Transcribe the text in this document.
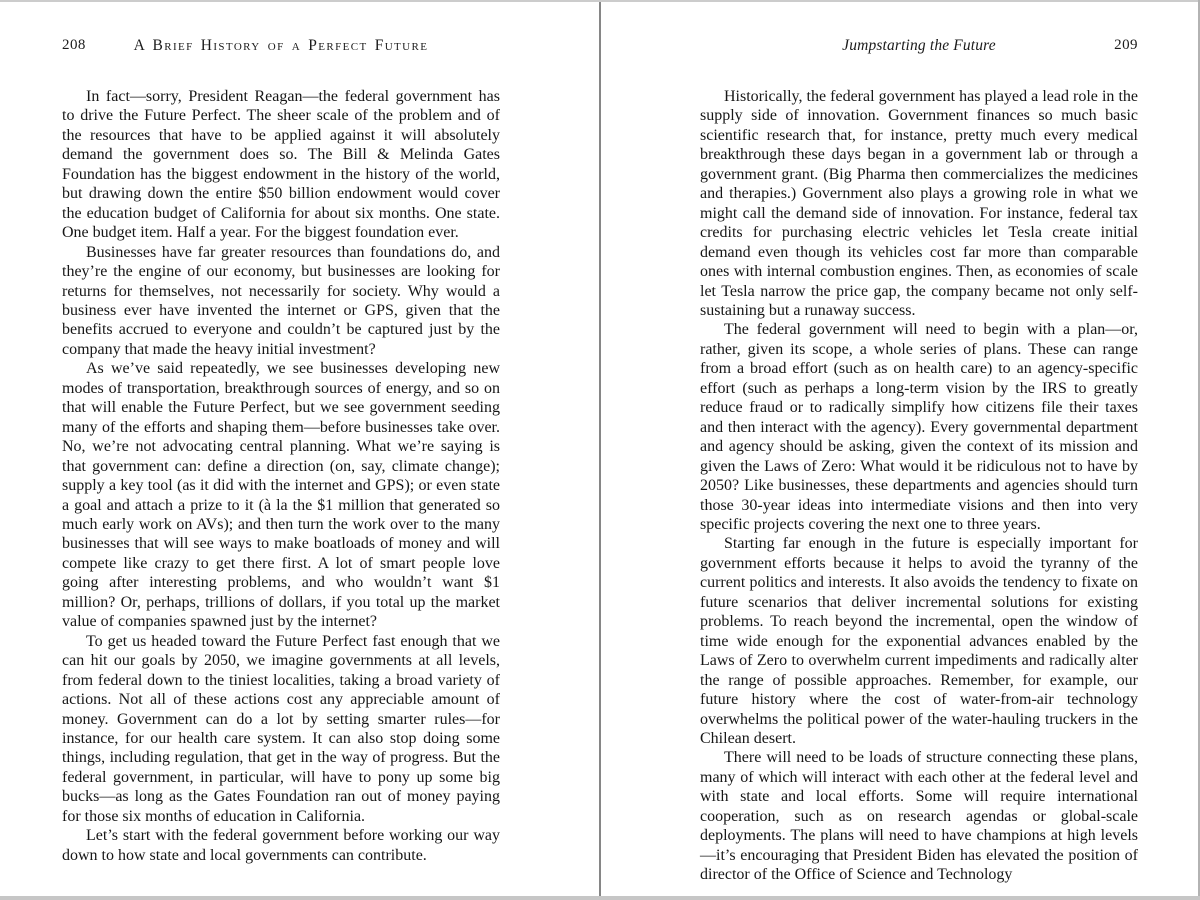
208	A Brief History of a Perfect Future

In fact—sorry, President Reagan—the federal government has to drive the Future Perfect. The sheer scale of the problem and of the resources that have to be applied against it will absolutely demand the government does so. The Bill & Melinda Gates Foundation has the biggest endowment in the history of the world, but drawing down the entire $50 billion endowment would cover the education budget of California for about six months. One state. One budget item. Half a year. For the biggest foundation ever.

Businesses have far greater resources than foundations do, and they’re the engine of our economy, but businesses are looking for returns for themselves, not necessarily for society. Why would a business ever have invented the internet or GPS, given that the benefits accrued to everyone and couldn’t be captured just by the company that made the heavy initial investment?

As we’ve said repeatedly, we see businesses developing new modes of transportation, breakthrough sources of energy, and so on that will enable the Future Perfect, but we see government seeding many of the efforts and shaping them—before businesses take over. No, we’re not advocating central planning. What we’re saying is that government can: define a direction (on, say, climate change); supply a key tool (as it did with the internet and GPS); or even state a goal and attach a prize to it (à la the $1 million that generated so much early work on AVs); and then turn the work over to the many businesses that will see ways to make boatloads of money and will compete like crazy to get there first. A lot of smart people love going after interesting problems, and who wouldn’t want $1 million? Or, perhaps, trillions of dollars, if you total up the market value of companies spawned just by the internet?

To get us headed toward the Future Perfect fast enough that we can hit our goals by 2050, we imagine governments at all levels, from federal down to the tiniest localities, taking a broad variety of actions. Not all of these actions cost any appreciable amount of money. Government can do a lot by setting smarter rules—for instance, for our health care system. It can also stop doing some things, including regulation, that get in the way of progress. But the federal government, in particular, will have to pony up some big bucks—as long as the Gates Foundation ran out of money paying for those six months of education in California.

Let’s start with the federal government before working our way down to how state and local governments can contribute.

Jumpstarting the Future	209

Historically, the federal government has played a lead role in the supply side of innovation. Government finances so much basic scientific research that, for instance, pretty much every medical breakthrough these days began in a government lab or through a government grant. (Big Pharma then commercializes the medicines and therapies.) Government also plays a growing role in what we might call the demand side of innovation. For instance, federal tax credits for purchasing electric vehicles let Tesla create initial demand even though its vehicles cost far more than comparable ones with internal combustion engines. Then, as economies of scale let Tesla narrow the price gap, the company became not only self-sustaining but a runaway success.

The federal government will need to begin with a plan—or, rather, given its scope, a whole series of plans. These can range from a broad effort (such as on health care) to an agency-specific effort (such as perhaps a long-term vision by the IRS to greatly reduce fraud or to radically simplify how citizens file their taxes and then interact with the agency). Every governmental department and agency should be asking, given the context of its mission and given the Laws of Zero: What would it be ridiculous not to have by 2050? Like businesses, these departments and agencies should turn those 30-year ideas into intermediate visions and then into very specific projects covering the next one to three years.

Starting far enough in the future is especially important for government efforts because it helps to avoid the tyranny of the current politics and interests. It also avoids the tendency to fixate on future scenarios that deliver incremental solutions for existing problems. To reach beyond the incremental, open the window of time wide enough for the exponential advances enabled by the Laws of Zero to overwhelm current impediments and radically alter the range of possible approaches. Remember, for example, our future history where the cost of water-from-air technology overwhelms the political power of the water-hauling truckers in the Chilean desert.

There will need to be loads of structure connecting these plans, many of which will interact with each other at the federal level and with state and local efforts. Some will require international cooperation, such as on research agendas or global-scale deployments. The plans will need to have champions at high levels—it’s encouraging that President Biden has elevated the position of director of the Office of Science and Technology
